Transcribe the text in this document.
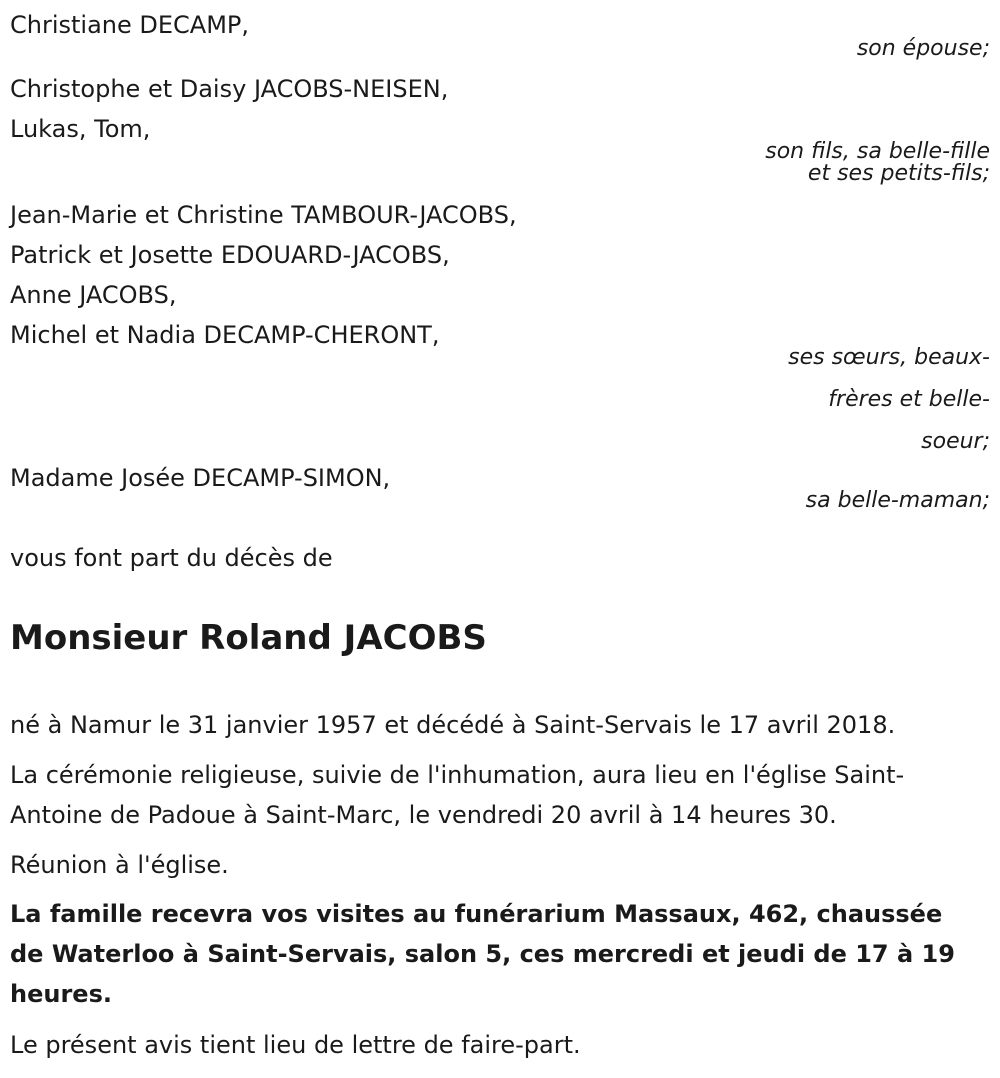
Christiane DECAMP,
son épouse;
Christophe et Daisy JACOBS-NEISEN,
Lukas, Tom,
son fils, sa belle-fille
et ses petits-fils;
Jean-Marie et Christine TAMBOUR-JACOBS,
Patrick et Josette EDOUARD-JACOBS,
Anne JACOBS,
Michel et Nadia DECAMP-CHERONT,
ses sœurs, beaux-
frères et belle-
soeur;
Madame Josée DECAMP-SIMON,
sa belle-maman;
vous font part du décès de
Monsieur Roland JACOBS
né à Namur le 31 janvier 1957 et décédé à Saint-Servais le 17 avril 2018.
La cérémonie religieuse, suivie de l'inhumation, aura lieu en l'église Saint-
Antoine de Padoue à Saint-Marc, le vendredi 20 avril à 14 heures 30.
Réunion à l'église.
La famille recevra vos visites au funérarium Massaux, 462, chaussée
de Waterloo à Saint-Servais, salon 5, ces mercredi et jeudi de 17 à 19
heures.
Le présent avis tient lieu de lettre de faire-part.
